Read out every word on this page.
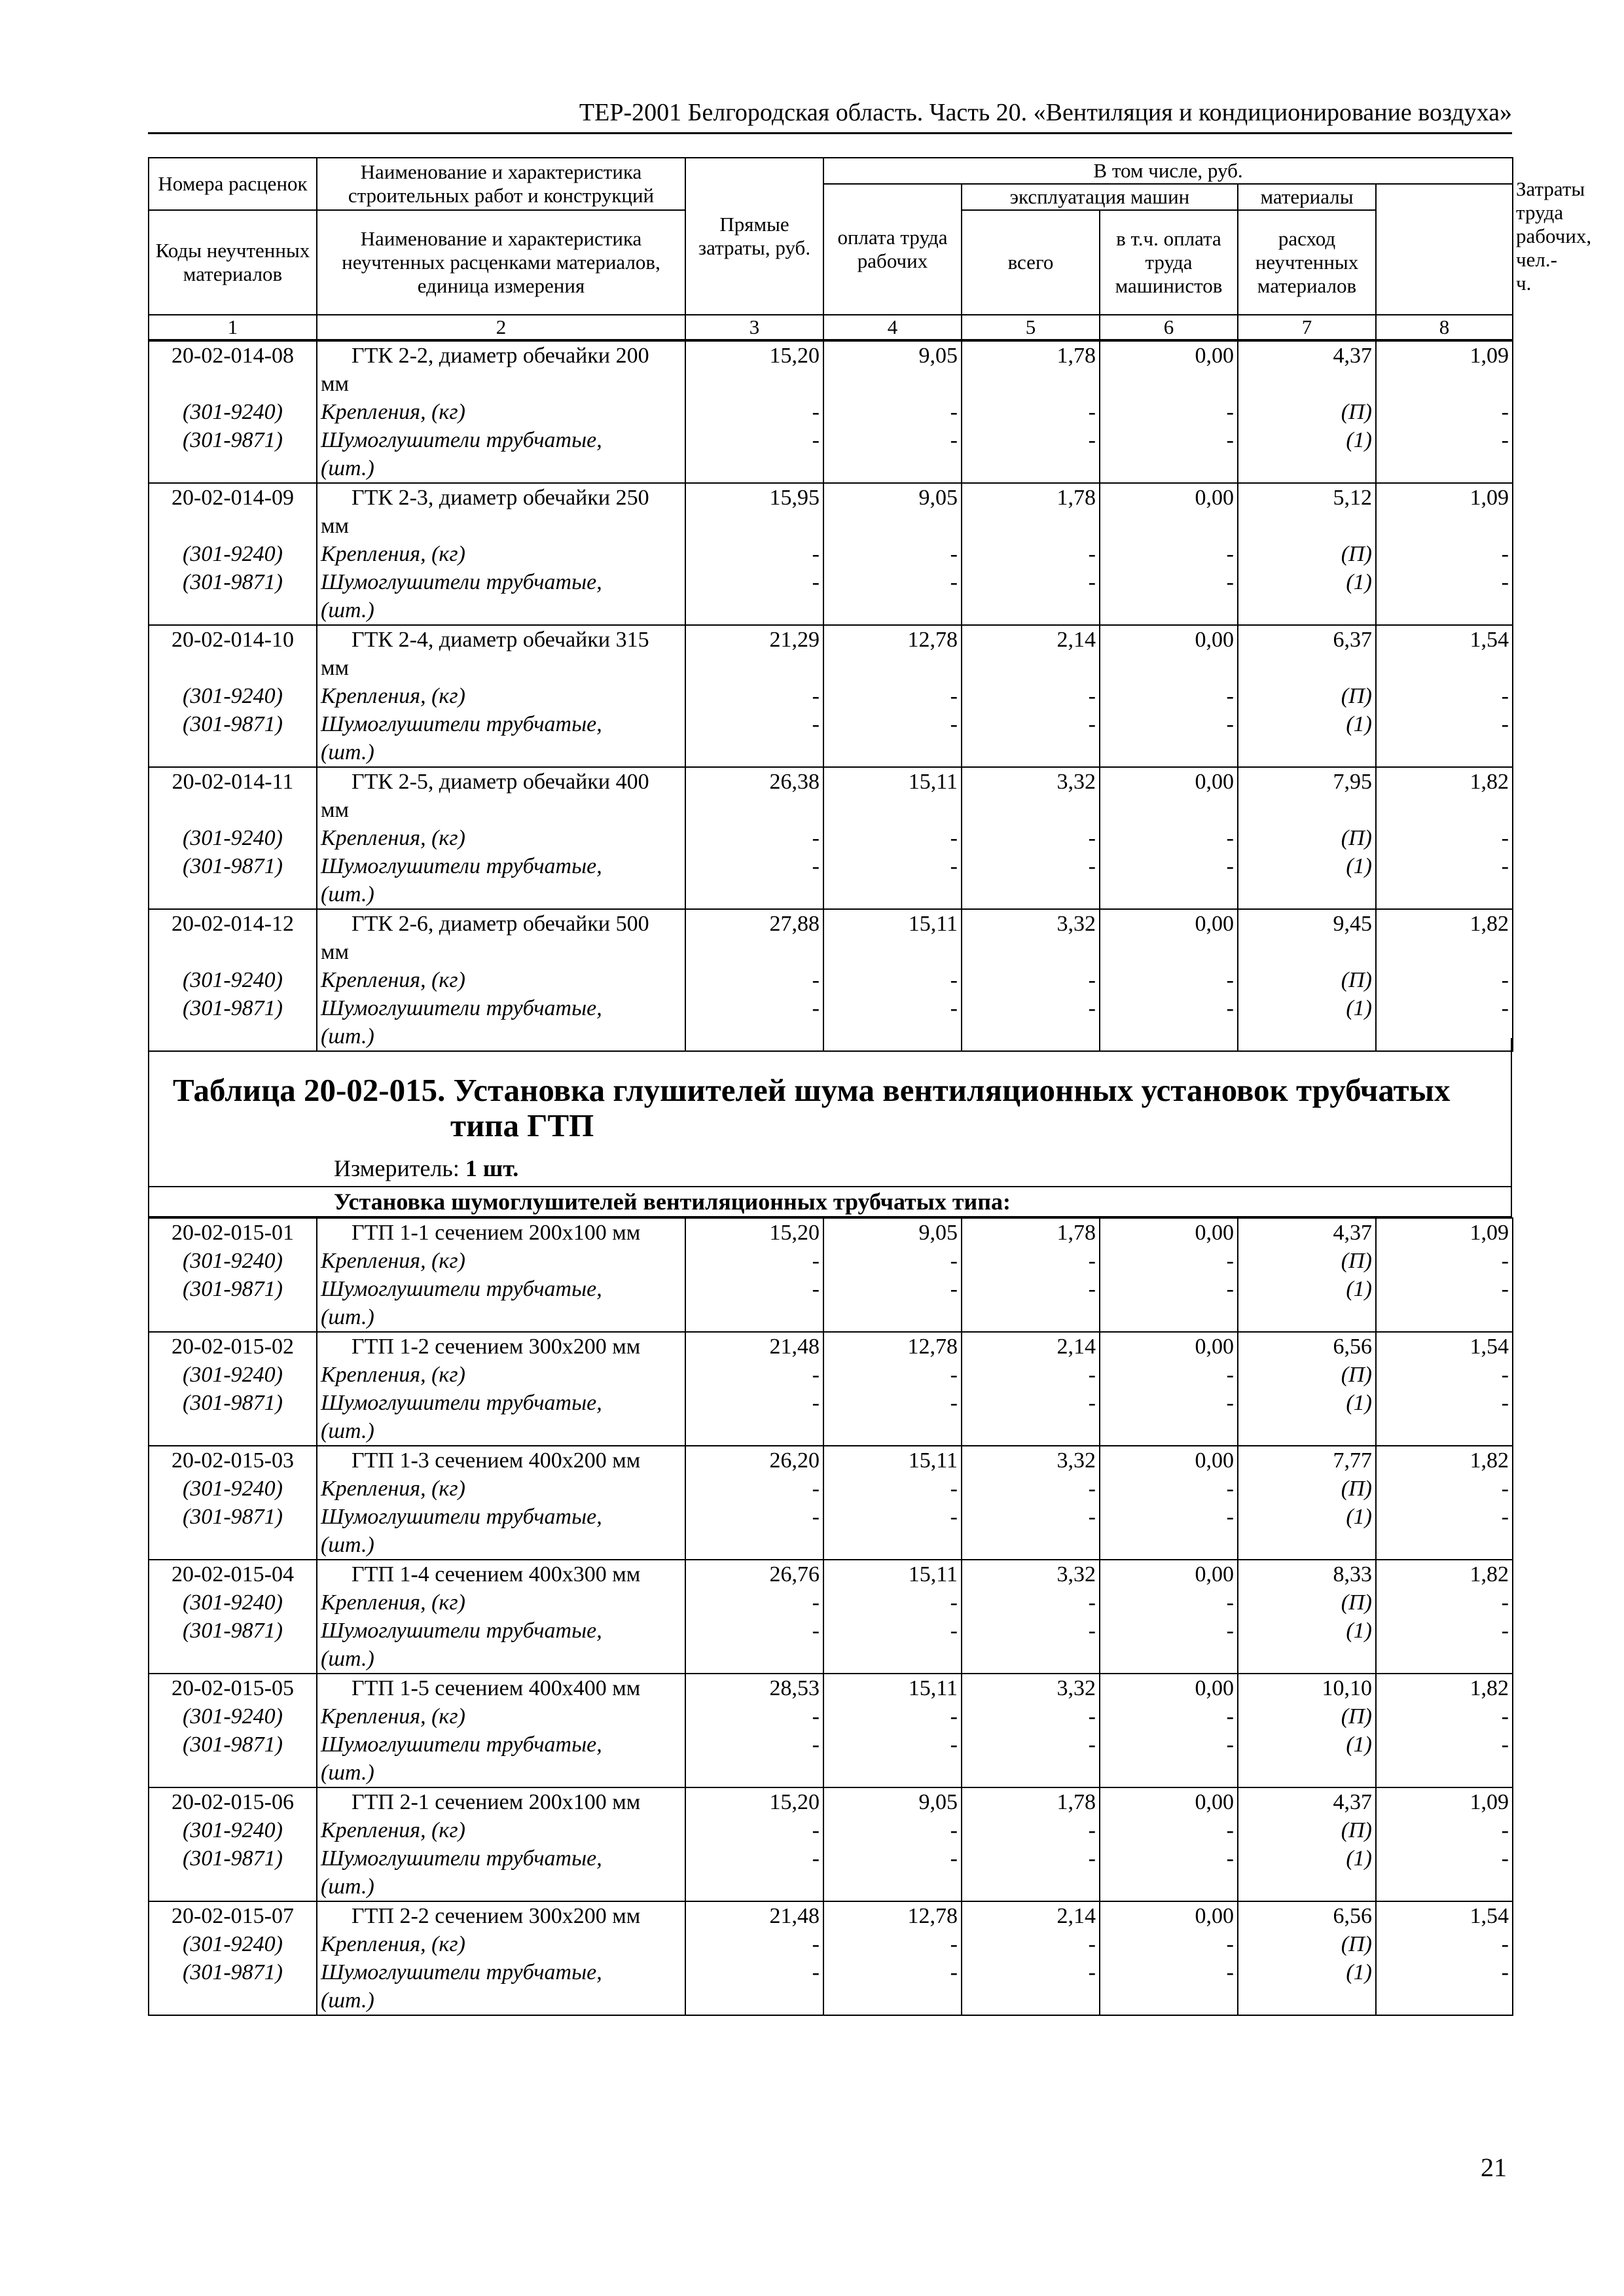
ТЕР-2001 Белгородская область. Часть 20. «Вентиляция и кондиционирование воздуха»
Номера расценок	Наименование и характеристика строительных работ и конструкций	Прямые затраты, руб.	В том числе, руб.					Затраты труда рабочих, чел.-ч.
			оплата труда рабочих	эксплуатация машин		материалы		
Коды неучтенных материалов	Наименование и характеристика неучтенных расценками материалов, единица измерения			всего	в т.ч. оплата труда машинистов	расход неучтенных материалов		

1	2	3	4	5	6	7	8	
20-02-014-08	ГТК 2-2, диаметр обечайки 200	15,20	9,05	1,78	0,00	4,37	1,09
	мм						
(301-9240)	Крепления, (кг)	-	-	-	-	(П)	-
(301-9871)	Шумоглушители трубчатые,	-	-	-	-	(1)	-
	(шт.)						
20-02-014-09	ГТК 2-3, диаметр обечайки 250	15,95	9,05	1,78	0,00	5,12	1,09
	мм						
(301-9240)	Крепления, (кг)	-	-	-	-	(П)	-
(301-9871)	Шумоглушители трубчатые,	-	-	-	-	(1)	-
	(шт.)						
20-02-014-10	ГТК 2-4, диаметр обечайки 315	21,29	12,78	2,14	0,00	6,37	1,54
	мм						
(301-9240)	Крепления, (кг)	-	-	-	-	(П)	-
(301-9871)	Шумоглушители трубчатые,	-	-	-	-	(1)	-
	(шт.)						
20-02-014-11	ГТК 2-5, диаметр обечайки 400	26,38	15,11	3,32	0,00	7,95	1,82
	мм						
(301-9240)	Крепления, (кг)	-	-	-	-	(П)	-
(301-9871)	Шумоглушители трубчатые,	-	-	-	-	(1)	-
	(шт.)						
20-02-014-12	ГТК 2-6, диаметр обечайки 500	27,88	15,11	3,32	0,00	9,45	1,82
	мм						
(301-9240)	Крепления, (кг)	-	-	-	-	(П)	-
(301-9871)	Шумоглушители трубчатые,	-	-	-	-	(1)	-
	(шт.)						
Таблица 20-02-015. Установка глушителей шума вентиляционных установок трубчатых
типа ГТП
Измеритель: 1 шт.
Установка шумоглушителей вентиляционных трубчатых типа:
20-02-015-01	ГТП 1-1 сечением 200х100 мм	15,20	9,05	1,78	0,00	4,37	1,09
(301-9240)	Крепления, (кг)	-	-	-	-	(П)	-
(301-9871)	Шумоглушители трубчатые,	-	-	-	-	(1)	-
	(шт.)						
20-02-015-02	ГТП 1-2 сечением 300х200 мм	21,48	12,78	2,14	0,00	6,56	1,54
(301-9240)	Крепления, (кг)	-	-	-	-	(П)	-
(301-9871)	Шумоглушители трубчатые,	-	-	-	-	(1)	-
	(шт.)						
20-02-015-03	ГТП 1-3 сечением 400х200 мм	26,20	15,11	3,32	0,00	7,77	1,82
(301-9240)	Крепления, (кг)	-	-	-	-	(П)	-
(301-9871)	Шумоглушители трубчатые,	-	-	-	-	(1)	-
	(шт.)						
20-02-015-04	ГТП 1-4 сечением 400х300 мм	26,76	15,11	3,32	0,00	8,33	1,82
(301-9240)	Крепления, (кг)	-	-	-	-	(П)	-
(301-9871)	Шумоглушители трубчатые,	-	-	-	-	(1)	-
	(шт.)						
20-02-015-05	ГТП 1-5 сечением 400х400 мм	28,53	15,11	3,32	0,00	10,10	1,82
(301-9240)	Крепления, (кг)	-	-	-	-	(П)	-
(301-9871)	Шумоглушители трубчатые,	-	-	-	-	(1)	-
	(шт.)						
20-02-015-06	ГТП 2-1 сечением 200х100 мм	15,20	9,05	1,78	0,00	4,37	1,09
(301-9240)	Крепления, (кг)	-	-	-	-	(П)	-
(301-9871)	Шумоглушители трубчатые,	-	-	-	-	(1)	-
	(шт.)						
20-02-015-07	ГТП 2-2 сечением 300х200 мм	21,48	12,78	2,14	0,00	6,56	1,54
(301-9240)	Крепления, (кг)	-	-	-	-	(П)	-
(301-9871)	Шумоглушители трубчатые,	-	-	-	-	(1)	-
	(шт.)						
21
